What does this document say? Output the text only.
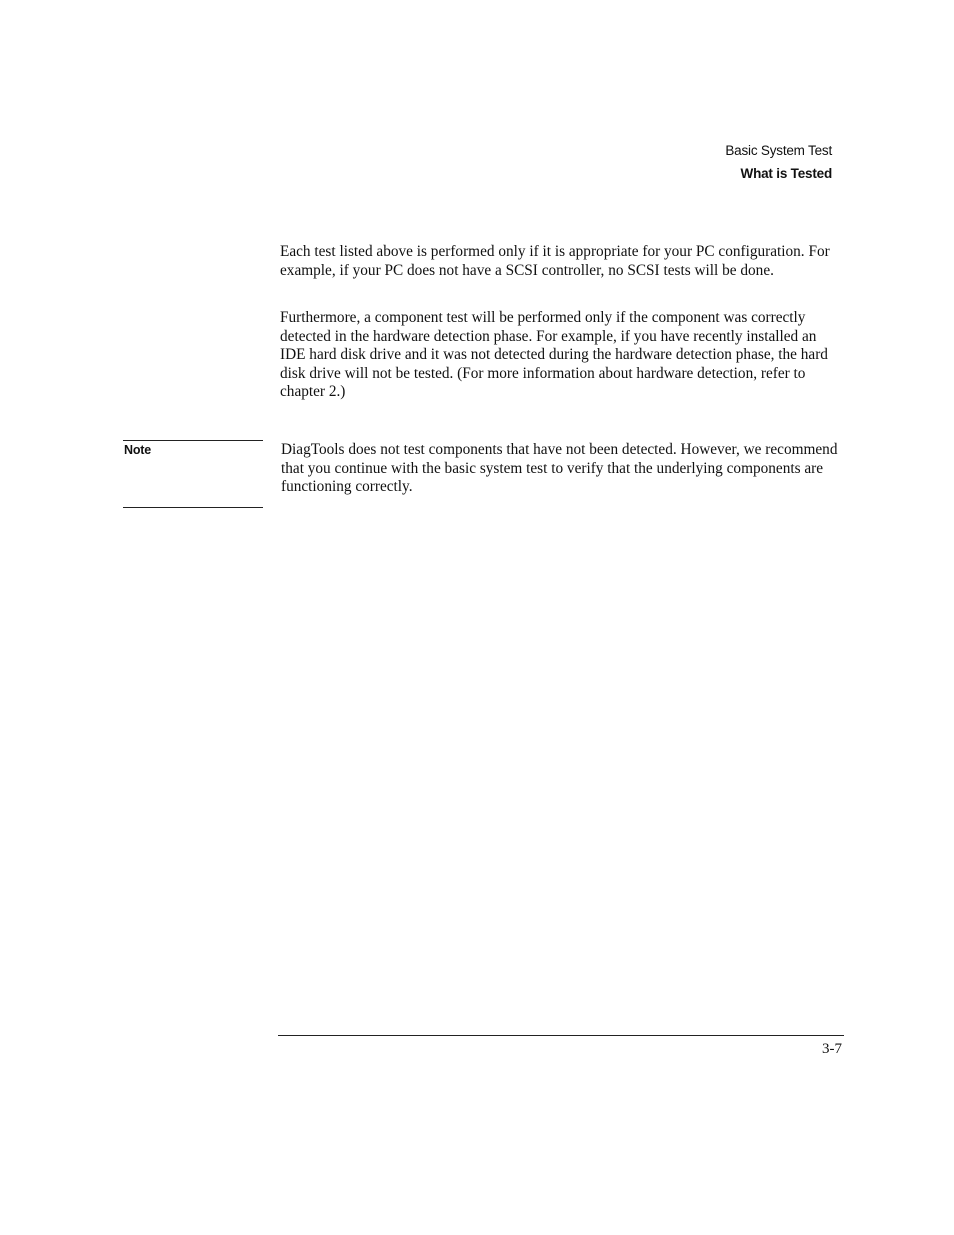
Basic System Test
What is Tested

Each test listed above is performed only if it is appropriate for your PC configuration. For example, if your PC does not have a SCSI controller, no SCSI tests will be done.

Furthermore, a component test will be performed only if the component was correctly detected in the hardware detection phase. For example, if you have recently installed an IDE hard disk drive and it was not detected during the hardware detection phase, the hard disk drive will not be tested. (For more information about hardware detection, refer to chapter 2.)

Note	DiagTools does not test components that have not been detected. However, we recommend that you continue with the basic system test to verify that the underlying components are functioning correctly.

3-7
